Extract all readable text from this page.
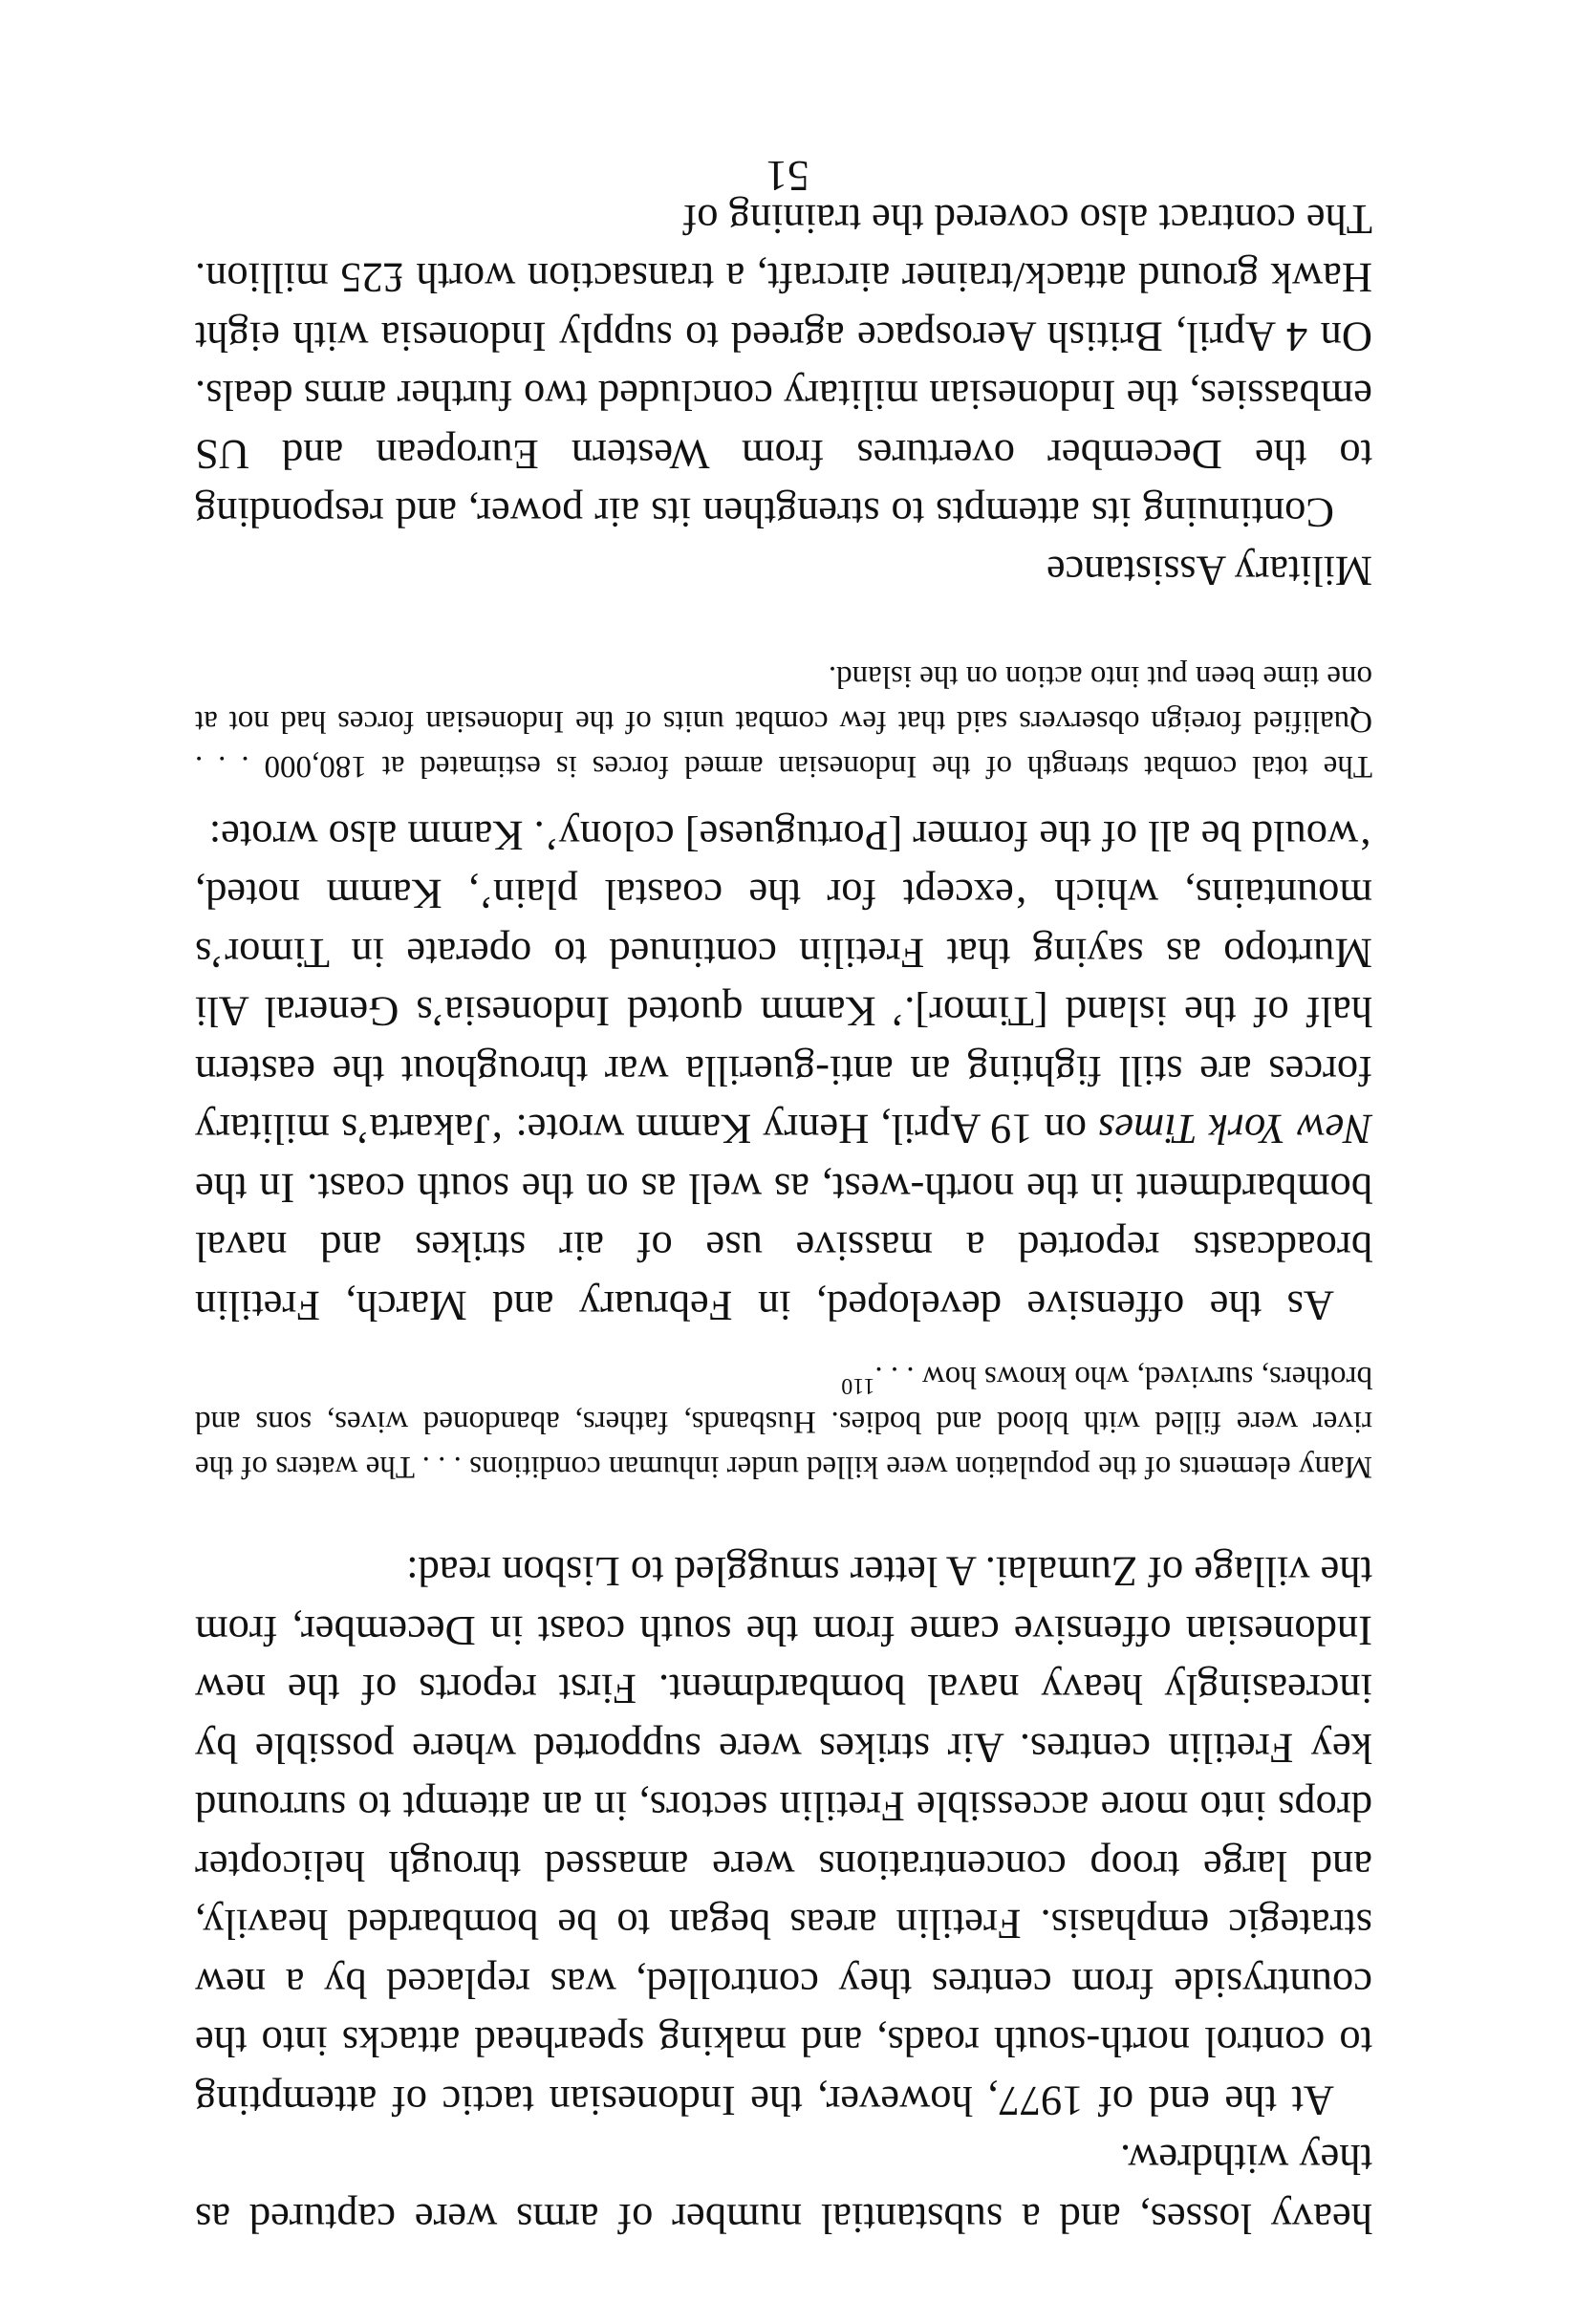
heavy losses, and a substantial number of arms were captured as they withdrew.

At the end of 1977, however, the Indonesian tactic of attempting to control north-south roads, and making spearhead attacks into the countryside from centres they controlled, was replaced by a new strategic emphasis. Fretilin areas began to be bombarded heavily, and large troop concentrations were amassed through helicopter drops into more accessible Fretilin sectors, in an attempt to surround key Fretilin centres. Air strikes were supported where possible by increasingly heavy naval bombardment. First reports of the new Indonesian offensive came from the south coast in December, from the village of Zumalai. A letter smuggled to Lisbon read:

Many elements of the population were killed under inhuman conditions . . . The waters of the river were filled with blood and bodies. Husbands, fathers, abandoned wives, sons and brothers, survived, who knows how . . .$^{110}$

As the offensive developed, in February and March, Fretilin broadcasts reported a massive use of air strikes and naval bombardment in the north-west, as well as on the south coast. In the New York Times on 19 April, Henry Kamm wrote: ‘Jakarta’s military forces are still fighting an anti-guerilla war throughout the eastern half of the island [Timor].’ Kamm quoted Indonesia’s General Ali Murtopo as saying that Fretilin continued to operate in Timor’s mountains, which ‘except for the coastal plain’, Kamm noted, ‘would be all of the former [Portuguese] colony’. Kamm also wrote:

The total combat strength of the Indonesian armed forces is estimated at 180,000 . . . Qualified foreign observers said that few combat units of the Indonesian forces had not at one time been put into action on the island.

Military Assistance

Continuing its attempts to strengthen its air power, and responding to the December overtures from Western European and US embassies, the Indonesian military concluded two further arms deals. On 4 April, British Aerospace agreed to supply Indonesia with eight Hawk ground attack/trainer aircraft, a transaction worth £25 million. The contract also covered the training of

51
